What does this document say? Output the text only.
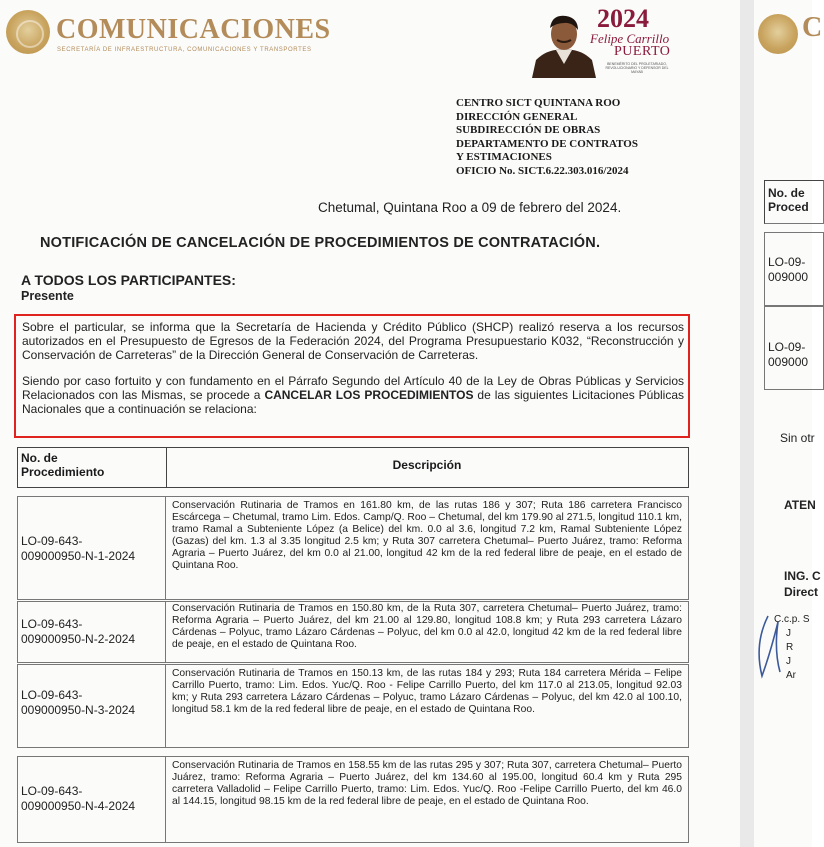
COMUNICACIONES
SECRETARÍA DE INFRAESTRUCTURA, COMUNICACIONES Y TRANSPORTES
2024
Felipe Carrillo
PUERTO
BENEMÉRITO DEL PROLETARIADO, REVOLUCIONARIO Y DEFENSOR DEL MAYAB
CENTRO SICT QUINTANA ROO
DIRECCIÓN GENERAL
SUBDIRECCIÓN DE OBRAS
DEPARTAMENTO DE CONTRATOS
Y ESTIMACIONES
OFICIO No. SICT.6.22.303.016/2024
Chetumal, Quintana Roo a 09 de febrero del 2024.
NOTIFICACIÓN DE CANCELACIÓN DE PROCEDIMIENTOS DE CONTRATACIÓN.
A TODOS LOS PARTICIPANTES:
Presente
Sobre el particular, se informa que la Secretaría de Hacienda y Crédito Público (SHCP) realizó reserva a los recursos autorizados en el Presupuesto de Egresos de la Federación 2024, del Programa Presupuestario K032, “Reconstrucción y Conservación de Carreteras” de la Dirección General de Conservación de Carreteras.
Siendo por caso fortuito y con fundamento en el Párrafo Segundo del Artículo 40 de la Ley de Obras Públicas y Servicios Relacionados con las Mismas, se procede a CANCELAR LOS PROCEDIMIENTOS de las siguientes Licitaciones Públicas Nacionales que a continuación se relaciona:
No. de Procedimiento	Descripción
LO-09-643-
009000950-N-1-2024
Conservación Rutinaria de Tramos en 161.80 km, de las rutas 186 y 307; Ruta 186 carretera Francisco Escárcega – Chetumal, tramo Lim. Edos. Camp/Q. Roo – Chetumal, del km 179.90 al 271.5, longitud 110.1 km, tramo Ramal a Subteniente López (a Belice) del km. 0.0 al 3.6, longitud 7.2 km, Ramal Subteniente López (Gazas) del km. 1.3 al 3.35 longitud 2.5 km; y Ruta 307 carretera Chetumal– Puerto Juárez, tramo: Reforma Agraria – Puerto Juárez, del km 0.0 al 21.00, longitud 42 km de la red federal libre de peaje, en el estado de Quintana Roo.
LO-09-643-
009000950-N-2-2024
Conservación Rutinaria de Tramos en 150.80 km, de la Ruta 307, carretera Chetumal– Puerto Juárez, tramo: Reforma Agraria – Puerto Juárez, del km 21.00 al 129.80, longitud 108.8 km; y Ruta 293 carretera Lázaro Cárdenas – Polyuc, tramo Lázaro Cárdenas – Polyuc, del km 0.0 al 42.0, longitud 42 km de la red federal libre de peaje, en el estado de Quintana Roo.
LO-09-643-
009000950-N-3-2024
Conservación Rutinaria de Tramos en 150.13 km, de las rutas 184 y 293; Ruta 184 carretera Mérida – Felipe Carrillo Puerto, tramo: Lim. Edos. Yuc/Q. Roo - Felipe Carrillo Puerto, del km 117.0 al 213.05, longitud 92.03 km; y Ruta 293 carretera Lázaro Cárdenas – Polyuc, tramo Lázaro Cárdenas – Polyuc, del km 42.0 al 100.10, longitud 58.1 km de la red federal libre de peaje, en el estado de Quintana Roo.
LO-09-643-
009000950-N-4-2024
Conservación Rutinaria de Tramos en 158.55 km de las rutas 295 y 307; Ruta 307, carretera Chetumal– Puerto Juárez, tramo: Reforma Agraria – Puerto Juárez, del km 134.60 al 195.00, longitud 60.4 km y Ruta 295 carretera Valladolid – Felipe Carrillo Puerto, tramo: Lim. Edos. Yuc/Q. Roo -Felipe Carrillo Puerto, del km 46.0 al 144.15, longitud 98.15 km de la red federal libre de peaje, en el estado de Quintana Roo.
C
No. de
Proced
LO-09-
009000
LO-09-
009000
Sin otr
ATEN
ING. C
Direct
C.c.p. S
J
R
J
Ar
